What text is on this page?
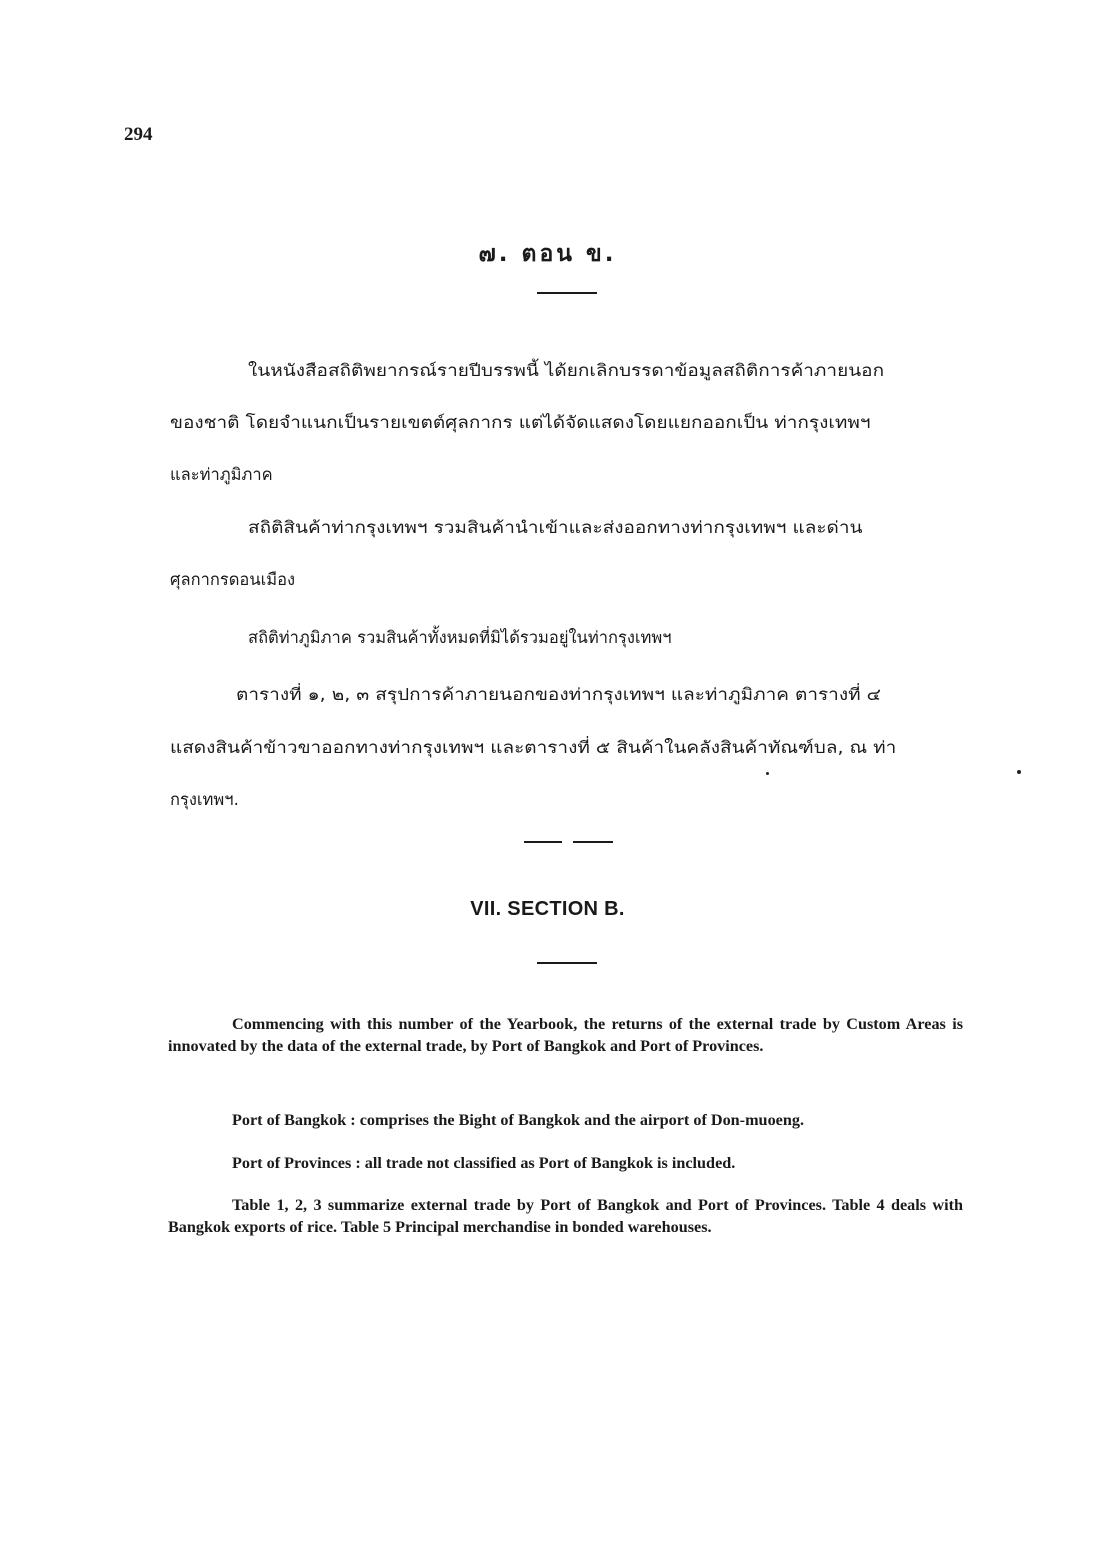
294
๗. ตอน ข.
ในหนังสือสถิติพยากรณ์รายปีบรรพนี้ ได้ยกเลิกบรรดาข้อมูลสถิติการค้าภายนอก
ของชาติ โดยจำแนกเป็นรายเขตต์ศุลกากร แต่ได้จัดแสดงโดยแยกออกเป็น ท่ากรุงเทพฯ
และท่าภูมิภาค
สถิติสินค้าท่ากรุงเทพฯ รวมสินค้านำเข้าและส่งออกทางท่ากรุงเทพฯ และด่าน
ศุลกากรดอนเมือง
สถิติท่าภูมิภาค รวมสินค้าทั้งหมดที่มิได้รวมอยู่ในท่ากรุงเทพฯ
ตารางที่ ๑, ๒, ๓ สรุปการค้าภายนอกของท่ากรุงเทพฯ และท่าภูมิภาค ตารางที่ ๔
แสดงสินค้าข้าวขาออกทางท่ากรุงเทพฯ และตารางที่ ๕ สินค้าในคลังสินค้าทัณฑ์บล, ณ ท่า
กรุงเทพฯ.
VII. SECTION B.
Commencing with this number of the Yearbook, the returns of the external trade by Custom Areas is innovated by the data of the external trade, by Port of Bangkok and Port of Provinces.
Port of Bangkok : comprises the Bight of Bangkok and the airport of Don-muoeng.
Port of Provinces : all trade not classified as Port of Bangkok is included.
Table 1, 2, 3 summarize external trade by Port of Bangkok and Port of Provinces. Table 4 deals with Bangkok exports of rice. Table 5 Principal merchandise in bonded warehouses.
